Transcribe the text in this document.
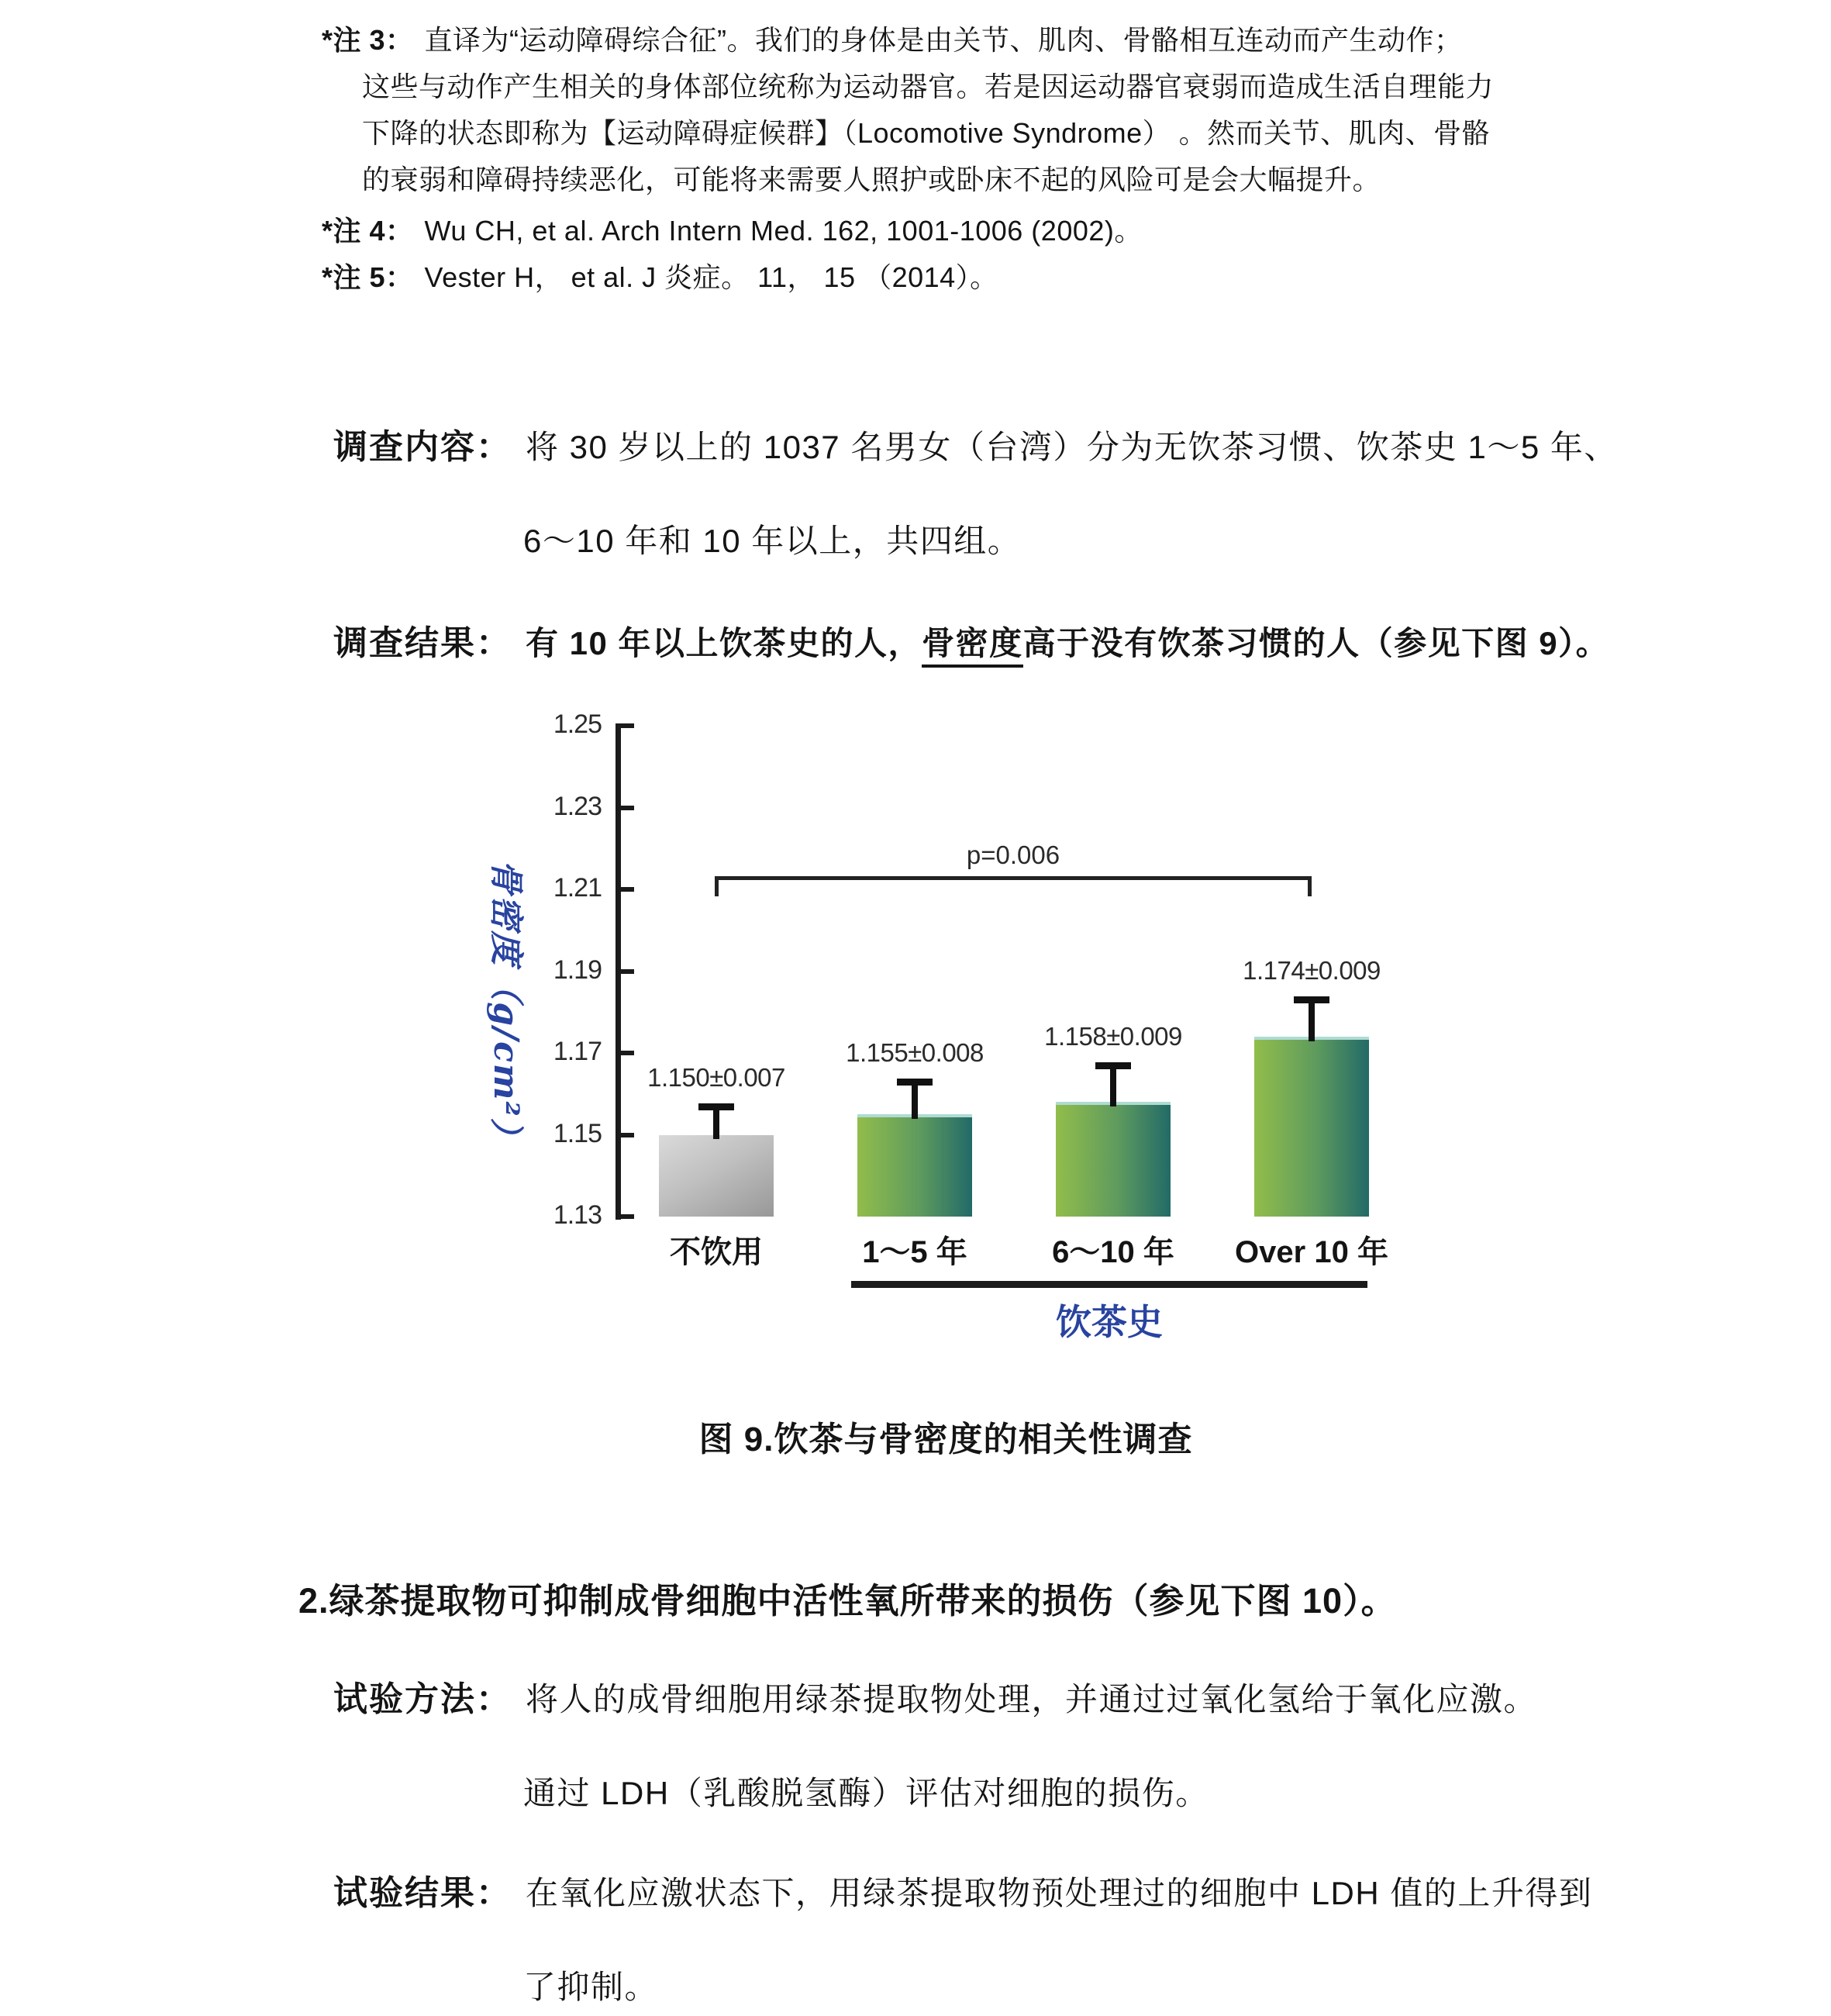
*注 3： 直译为“运动障碍综合征”。我们的身体是由关节、肌肉、骨骼相互连动而产生动作；
这些与动作产生相关的身体部位统称为运动器官。若是因运动器官衰弱而造成生活自理能力
下降的状态即称为【运动障碍症候群】（Locomotive Syndrome） 。然而关节、肌肉、骨骼
的衰弱和障碍持续恶化，可能将来需要人照护或卧床不起的风险可是会大幅提升。
*注 4： Wu CH, et al. Arch Intern Med. 162, 1001-1006 (2002)。
*注 5： Vester H， et al. J 炎症。 11， 15 （2014）。
调查内容： 将 30 岁以上的 1037 名男女（台湾）分为无饮茶习惯、饮茶史 1～5 年、
6～10 年和 10 年以上，共四组。
调查结果： 有 10 年以上饮茶史的人，骨密度高于没有饮茶习惯的人（参见下图 9）。
骨密度（g/cm²）
p=0.006
饮茶史
1.25
1.23
1.21
1.19
1.17
1.15
1.13
1.150±0.007
不饮用
1.155±0.008
1～5 年
1.158±0.009
6～10 年
1.174±0.009
Over 10 年
图 9.饮茶与骨密度的相关性调查
2.绿茶提取物可抑制成骨细胞中活性氧所带来的损伤（参见下图 10）。
试验方法： 将人的成骨细胞用绿茶提取物处理，并通过过氧化氢给于氧化应激。
通过 LDH（乳酸脱氢酶）评估对细胞的损伤。
试验结果： 在氧化应激状态下，用绿茶提取物预处理过的细胞中 LDH 值的上升得到
了抑制。
